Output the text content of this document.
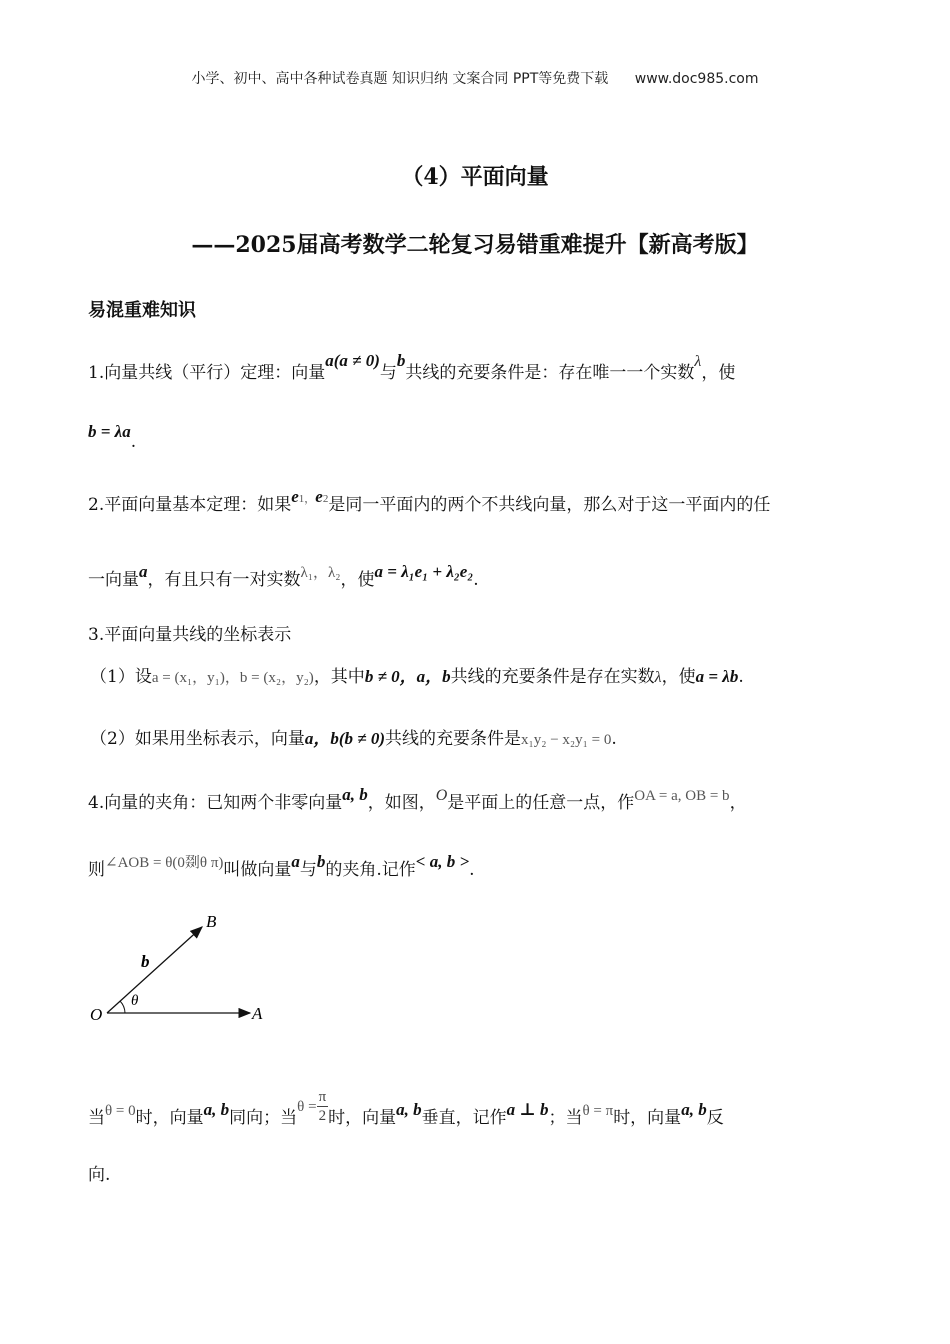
小学、初中、高中各种试卷真题 知识归纳 文案合同 PPT等免费下载 www.doc985.com
（4）平面向量
——2025届高考数学二轮复习易错重难提升【新高考版】
易混重难知识
1.向量共线（平行）定理：向量a(a ≠ 0)与b共线的充要条件是：存在唯一一个实数λ，使
b = λa.
2.平面向量基本定理：如果$e^{1,}e^2$是同一平面内的两个不共线向量，那么对于这一平面内的任
一向量a，有且只有一对实数λ₁，λ₂，使a = λ₁e₁ + λ₂e₂.
3.平面向量共线的坐标表示
（1）设a = (x₁，y₁)，b = (x₂，y₂)，其中b ≠ 0，a，b共线的充要条件是存在实数λ，使a = λb.
（2）如果用坐标表示，向量a，b(b ≠ 0)共线的充要条件是x₁y₂ − x₂y₁ = 0.
4.向量的夹角：已知两个非零向量a, b，如图，O是平面上的任意一点，作OA = a, OB = b，
则∠AOB = θ(0剟θ π)叫做向量a与b的夹角.记作< a, b >.
O	A
B
b
θ
当θ = 0时，向量a, b同向；当$\theta = \frac{\pi}{2}$ 时，向量a, b垂直，记作a ⊥ b；当θ = π时，向量a, b反
向.
